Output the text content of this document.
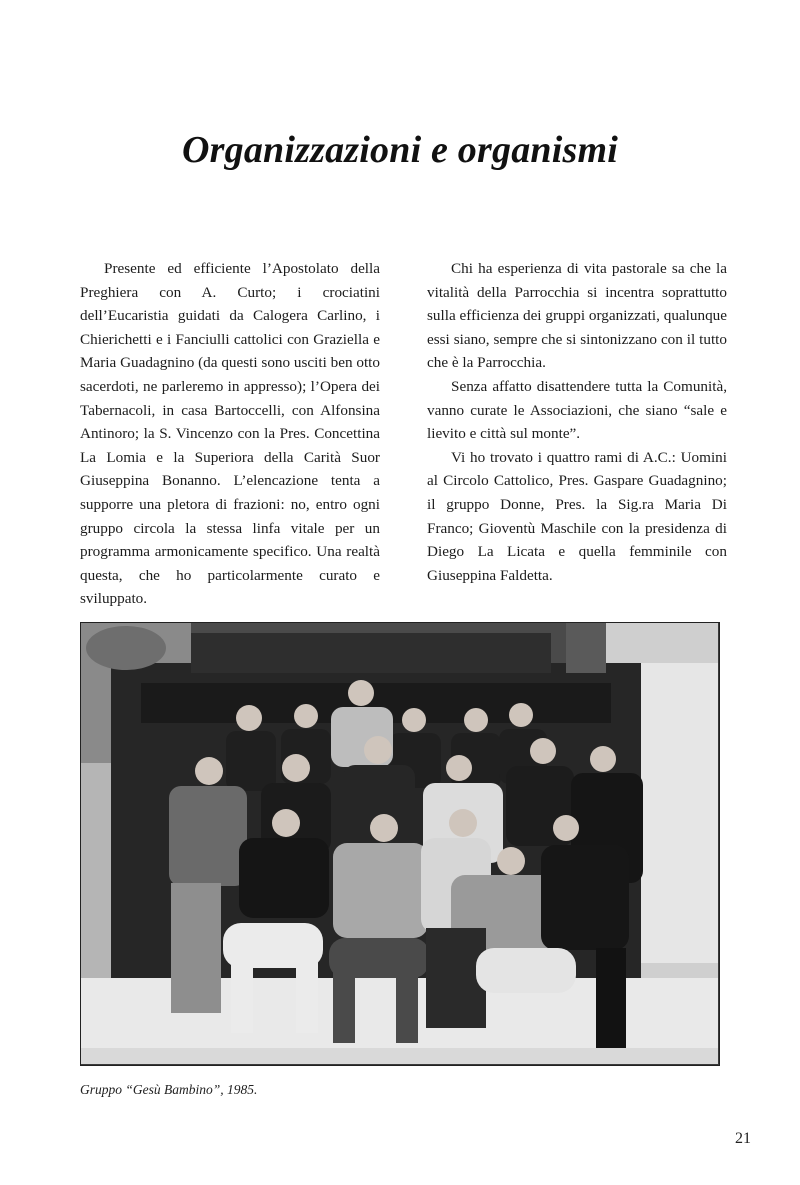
Organizzazioni e organismi

Presente ed efficiente l’Apostolato della Preghiera con A. Curto; i crociatini dell’Eucaristia guidati da Calogera Carlino, i Chierichetti e i Fanciulli cattolici con Graziella e Maria Guadagnino (da questi sono usciti ben otto sacerdoti, ne parleremo in appresso); l’Opera dei Tabernacoli, in casa Bartoccelli, con Alfonsina Antinoro; la S. Vincenzo con la Pres. Concettina La Lomia e la Superiora della Carità Suor Giuseppina Bonanno. L’elencazione tenta a supporre una pletora di frazioni: no, entro ogni gruppo circola la stessa linfa vitale per un programma armonicamente specifico. Una realtà questa, che ho particolarmente curato e sviluppato.

Chi ha esperienza di vita pastorale sa che la vitalità della Parrocchia si incentra soprattutto sulla efficienza dei gruppi organizzati, qualunque essi siano, sempre che si sintonizzano con il tutto che è la Parrocchia.

Senza affatto disattendere tutta la Comunità, vanno curate le Associazioni, che siano “sale e lievito e città sul monte”.

Vi ho trovato i quattro rami di A.C.: Uomini al Circolo Cattolico, Pres. Gaspare Guadagnino; il gruppo Donne, Pres. la Sig.ra Maria Di Franco; Gioventù Maschile con la presidenza di Diego La Licata e quella femminile con Giuseppina Faldetta.

Gruppo “Gesù Bambino”, 1985.

21
